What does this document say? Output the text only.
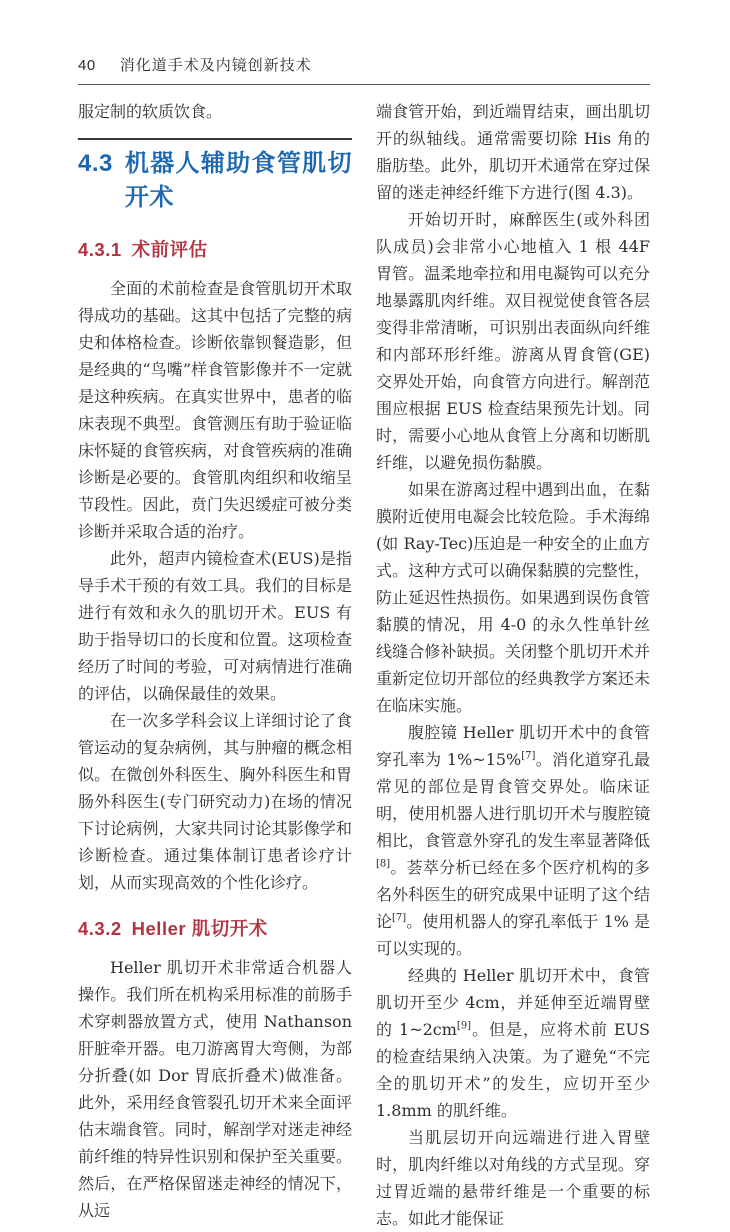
40 消化道手术及内镜创新技术

服定制的软质饮食。

4.3 机器人辅助食管肌切开术
4.3.1 术前评估

全面的术前检查是食管肌切开术取得成功的基础。这其中包括了完整的病史和体格检查。诊断依靠钡餐造影，但是经典的“鸟嘴”样食管影像并不一定就是这种疾病。在真实世界中，患者的临床表现不典型。食管测压有助于验证临床怀疑的食管疾病，对食管疾病的准确诊断是必要的。食管肌肉组织和收缩呈节段性。因此，贲门失迟缓症可被分类诊断并采取合适的治疗。

此外，超声内镜检查术(EUS)是指导手术干预的有效工具。我们的目标是进行有效和永久的肌切开术。EUS 有助于指导切口的长度和位置。这项检查经历了时间的考验，可对病情进行准确的评估，以确保最佳的效果。

在一次多学科会议上详细讨论了食管运动的复杂病例，其与肿瘤的概念相似。在微创外科医生、胸外科医生和胃肠外科医生(专门研究动力)在场的情况下讨论病例，大家共同讨论其影像学和诊断检查。通过集体制订患者诊疗计划，从而实现高效的个性化诊疗。

4.3.2 Heller 肌切开术

Heller 肌切开术非常适合机器人操作。我们所在机构采用标准的前肠手术穿刺器放置方式，使用 Nathanson 肝脏牵开器。电刀游离胃大弯侧，为部分折叠(如 Dor 胃底折叠术)做准备。此外，采用经食管裂孔切开术来全面评估末端食管。同时，解剖学对迷走神经前纤维的特异性识别和保护至关重要。然后，在严格保留迷走神经的情况下，从远

端食管开始，到近端胃结束，画出肌切开的纵轴线。通常需要切除 His 角的脂肪垫。此外，肌切开术通常在穿过保留的迷走神经纤维下方进行(图 4.3)。

开始切开时，麻醉医生(或外科团队成员)会非常小心地植入 1 根 44F 胃管。温柔地牵拉和用电凝钩可以充分地暴露肌肉纤维。双目视觉使食管各层变得非常清晰，可识别出表面纵向纤维和内部环形纤维。游离从胃食管(GE)交界处开始，向食管方向进行。解剖范围应根据 EUS 检查结果预先计划。同时，需要小心地从食管上分离和切断肌纤维，以避免损伤黏膜。

如果在游离过程中遇到出血，在黏膜附近使用电凝会比较危险。手术海绵(如 Ray-Tec)压迫是一种安全的止血方式。这种方式可以确保黏膜的完整性，防止延迟性热损伤。如果遇到误伤食管黏膜的情况，用 4-0 的永久性单针丝线缝合修补缺损。关闭整个肌切开术并重新定位切开部位的经典教学方案还未在临床实施。

腹腔镜 Heller 肌切开术中的食管穿孔率为 1%~15%[7]。消化道穿孔最常见的部位是胃食管交界处。临床证明，使用机器人进行肌切开术与腹腔镜相比，食管意外穿孔的发生率显著降低[8]。荟萃分析已经在多个医疗机构的多名外科医生的研究成果中证明了这个结论[7]。使用机器人的穿孔率低于 1% 是可以实现的。

经典的 Heller 肌切开术中，食管肌切开至少 4cm，并延伸至近端胃壁的 1~2cm[9]。但是，应将术前 EUS 的检查结果纳入决策。为了避免“不完全的肌切开术”的发生，应切开至少 1.8mm 的肌纤维。

当肌层切开向远端进行进入胃壁时，肌肉纤维以对角线的方式呈现。穿过胃近端的悬带纤维是一个重要的标志。如此才能保证
